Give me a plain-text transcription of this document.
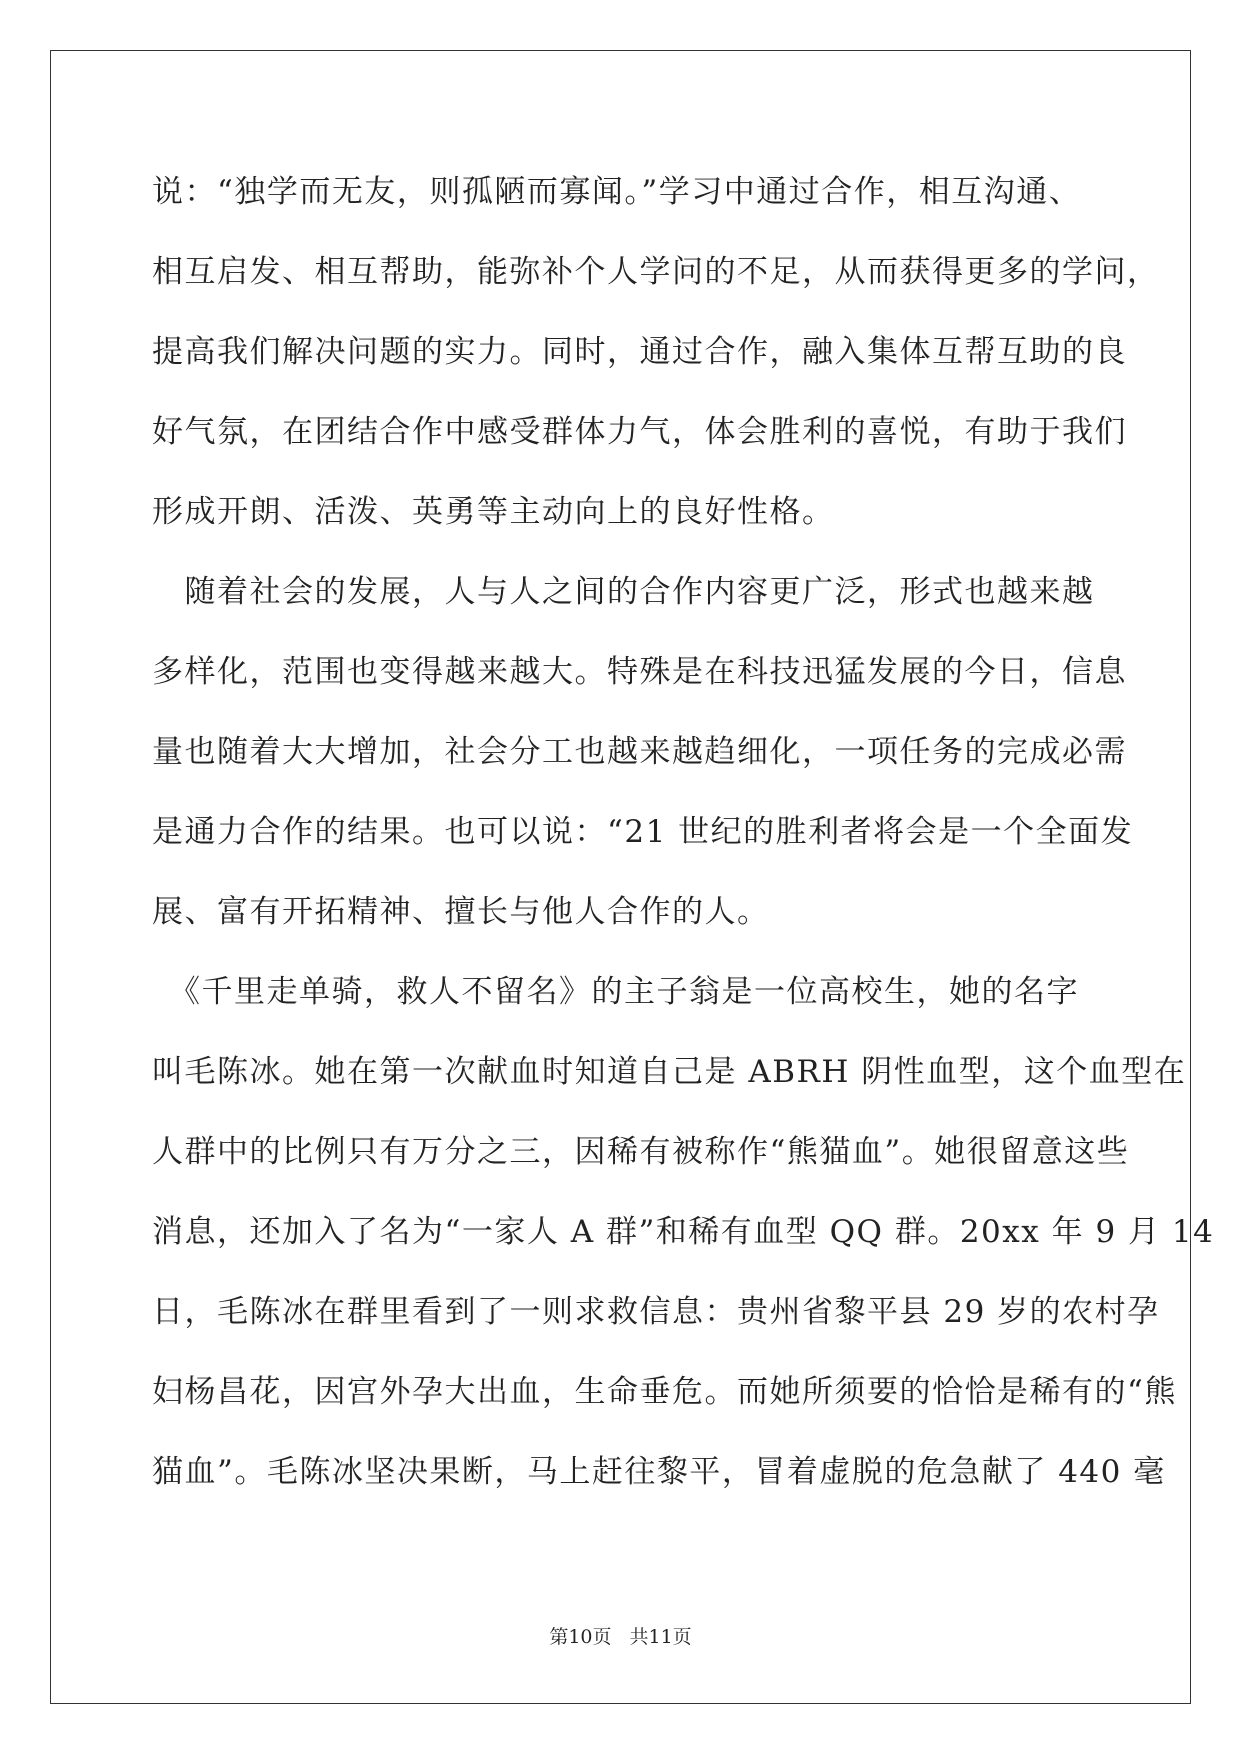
说：“独学而无友，则孤陋而寡闻。”学习中通过合作，相互沟通、
相互启发、相互帮助，能弥补个人学问的不足，从而获得更多的学问，
提高我们解决问题的实力。同时，通过合作，融入集体互帮互助的良
好气氛，在团结合作中感受群体力气，体会胜利的喜悦，有助于我们
形成开朗、活泼、英勇等主动向上的良好性格。
　随着社会的发展，人与人之间的合作内容更广泛，形式也越来越
多样化，范围也变得越来越大。特殊是在科技迅猛发展的今日，信息
量也随着大大增加，社会分工也越来越趋细化，一项任务的完成必需
是通力合作的结果。也可以说：“21 世纪的胜利者将会是一个全面发
展、富有开拓精神、擅长与他人合作的人。
　《千里走单骑，救人不留名》的主子翁是一位高校生，她的名字
叫毛陈冰。她在第一次献血时知道自己是 ABRH 阴性血型，这个血型在
人群中的比例只有万分之三，因稀有被称作“熊猫血”。她很留意这些
消息，还加入了名为“一家人 A 群”和稀有血型 QQ 群。20xx 年 9 月 14
日，毛陈冰在群里看到了一则求救信息：贵州省黎平县 29 岁的农村孕
妇杨昌花，因宫外孕大出血，生命垂危。而她所须要的恰恰是稀有的“熊
猫血”。毛陈冰坚决果断，马上赶往黎平，冒着虚脱的危急献了 440 毫
第10页 共11页
